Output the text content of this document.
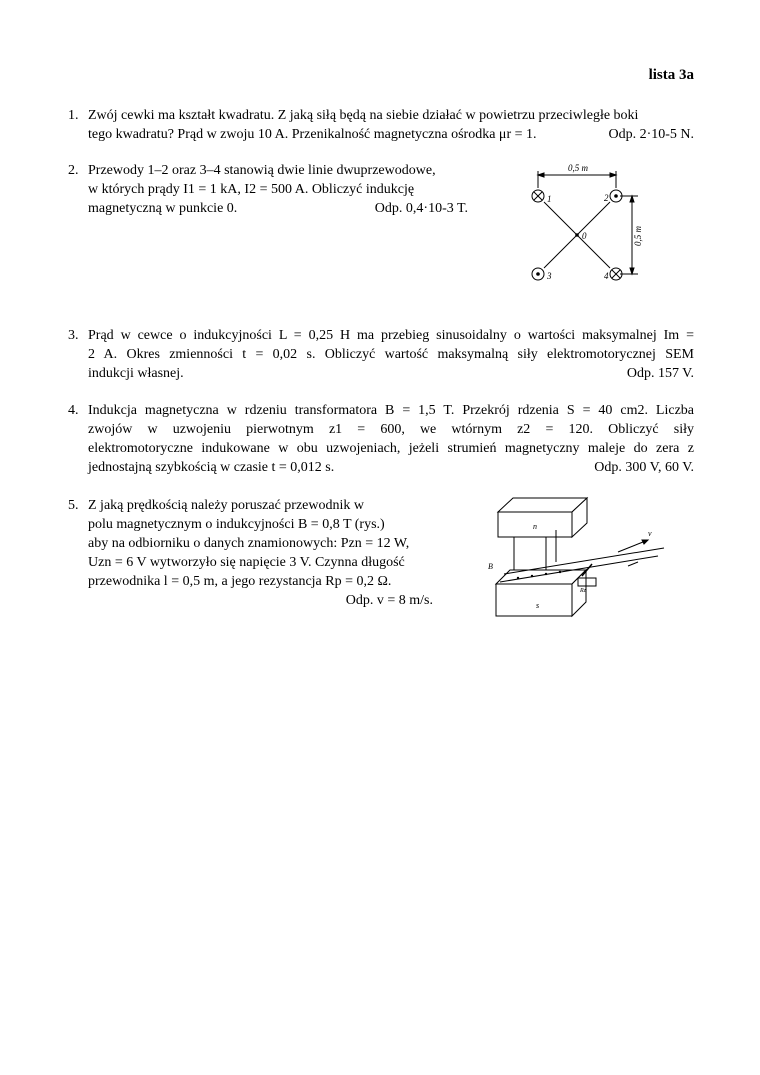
lista 3a
1. Zwój cewki ma kształt kwadratu. Z jaką siłą będą na siebie działać w powietrzu przeciwległe boki
tego kwadratu? Prąd w zwoju 10 A. Przenikalność magnetyczna ośrodka μr = 1.	Odp. 2·10-5 N.
2. Przewody 1–2 oraz 3–4 stanowią dwie linie dwuprzewodowe,
w których prądy I1 = 1 kA, I2 = 500 A. Obliczyć indukcję
magnetyczną w punkcie 0.	Odp. 0,4·10-3 T.
0,5 m
0,5 m
1	2
3	4
0
3. Prąd w cewce o indukcyjności L = 0,25 H ma przebieg sinusoidalny o wartości maksymalnej Im =
2 A. Okres zmienności t = 0,02 s. Obliczyć wartość maksymalną siły elektromotorycznej SEM
indukcji własnej.	Odp. 157 V.
4. Indukcja magnetyczna w rdzeniu transformatora B = 1,5 T. Przekrój rdzenia S = 40 cm2. Liczba
zwojów w uzwojeniu pierwotnym z1 = 600, we wtórnym z2 = 120. Obliczyć siły
elektromotoryczne indukowane w obu uzwojeniach, jeżeli strumień magnetyczny maleje do zera z
jednostajną szybkością w czasie t = 0,012 s.	Odp. 300 V, 60 V.
5. Z jaką prędkością należy poruszać przewodnik w
polu magnetycznym o indukcyjności B = 0,8 T (rys.)
aby na odbiorniku o danych znamionowych: Pzn = 12 W,
Uzn = 6 V wytworzyło się napięcie 3 V. Czynna długość
przewodnika l = 0,5 m, a jego rezystancja Rp = 0,2 Ω.
Odp. v = 8 m/s.
n
s
B
v
Rz
